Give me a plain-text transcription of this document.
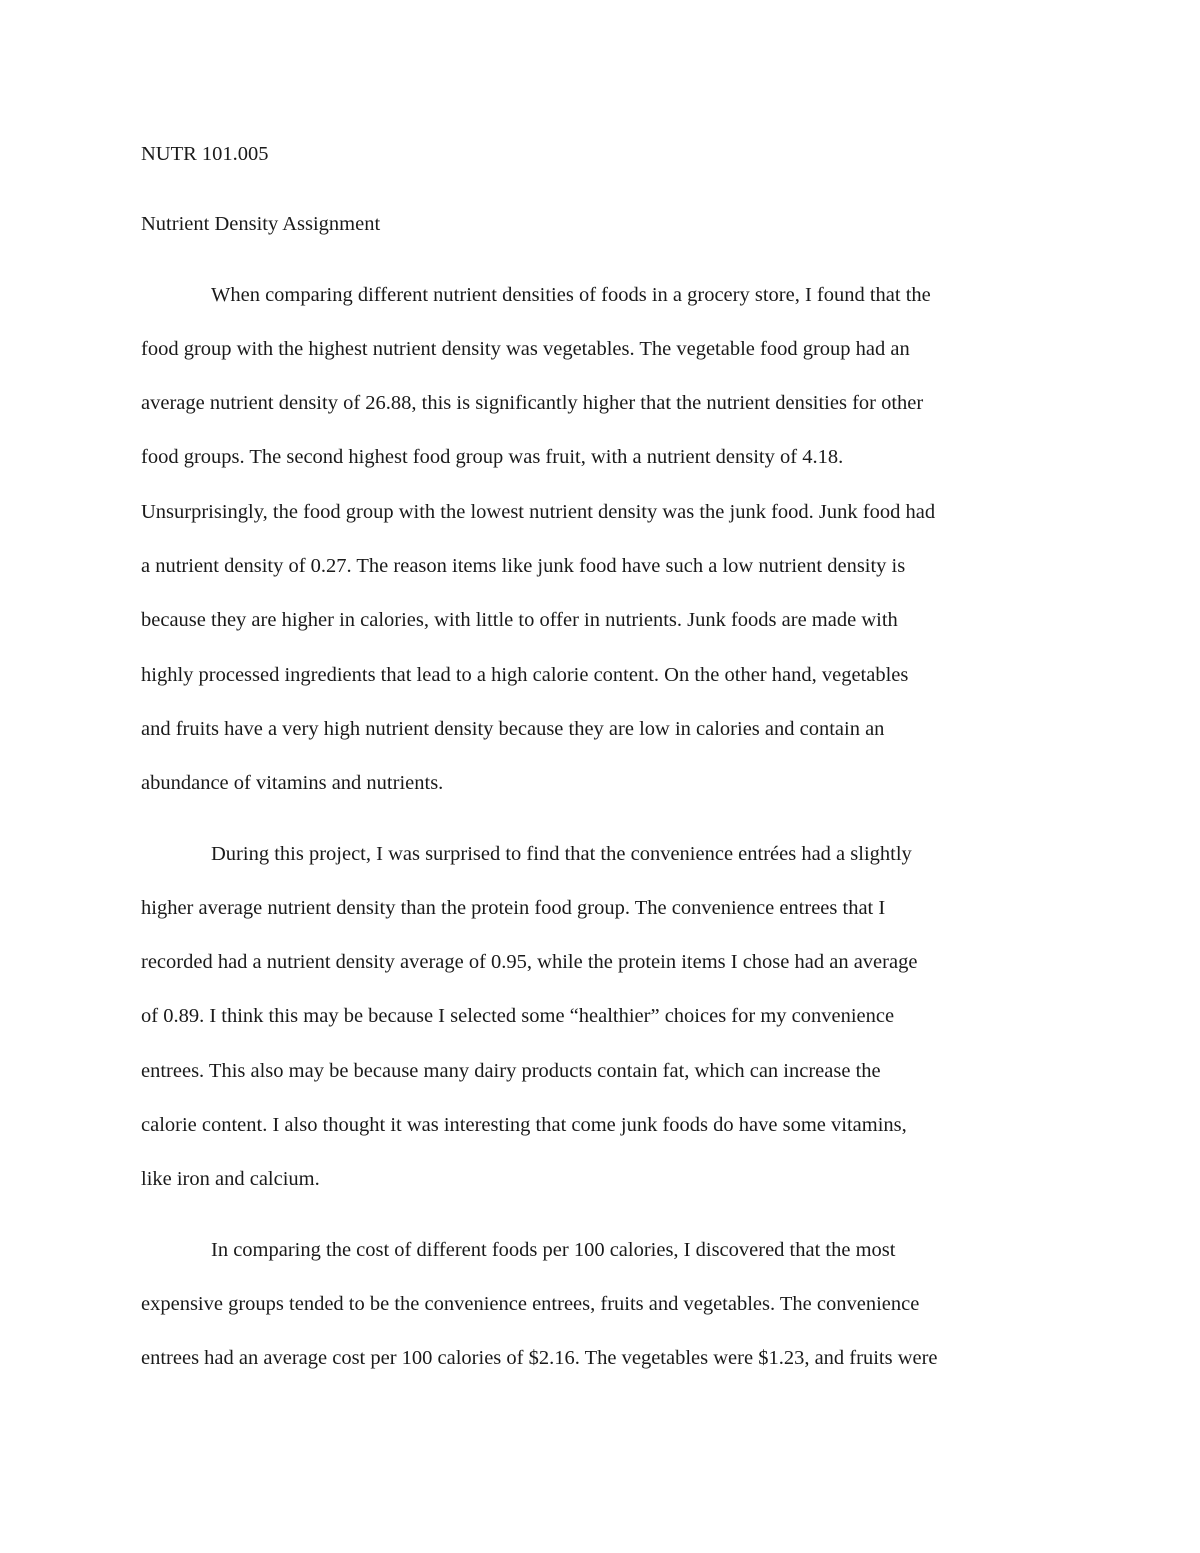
NUTR 101.005
Nutrient Density Assignment
When comparing different nutrient densities of foods in a grocery store, I found that the
food group with the highest nutrient density was vegetables. The vegetable food group had an
average nutrient density of 26.88, this is significantly higher that the nutrient densities for other
food groups. The second highest food group was fruit, with a nutrient density of 4.18.
Unsurprisingly, the food group with the lowest nutrient density was the junk food. Junk food had
a nutrient density of 0.27. The reason items like junk food have such a low nutrient density is
because they are higher in calories, with little to offer in nutrients. Junk foods are made with
highly processed ingredients that lead to a high calorie content. On the other hand, vegetables
and fruits have a very high nutrient density because they are low in calories and contain an
abundance of vitamins and nutrients.
During this project, I was surprised to find that the convenience entrées had a slightly
higher average nutrient density than the protein food group. The convenience entrees that I
recorded had a nutrient density average of 0.95, while the protein items I chose had an average
of 0.89. I think this may be because I selected some “healthier” choices for my convenience
entrees. This also may be because many dairy products contain fat, which can increase the
calorie content. I also thought it was interesting that come junk foods do have some vitamins,
like iron and calcium.
In comparing the cost of different foods per 100 calories, I discovered that the most
expensive groups tended to be the convenience entrees, fruits and vegetables. The convenience
entrees had an average cost per 100 calories of $2.16. The vegetables were $1.23, and fruits were
